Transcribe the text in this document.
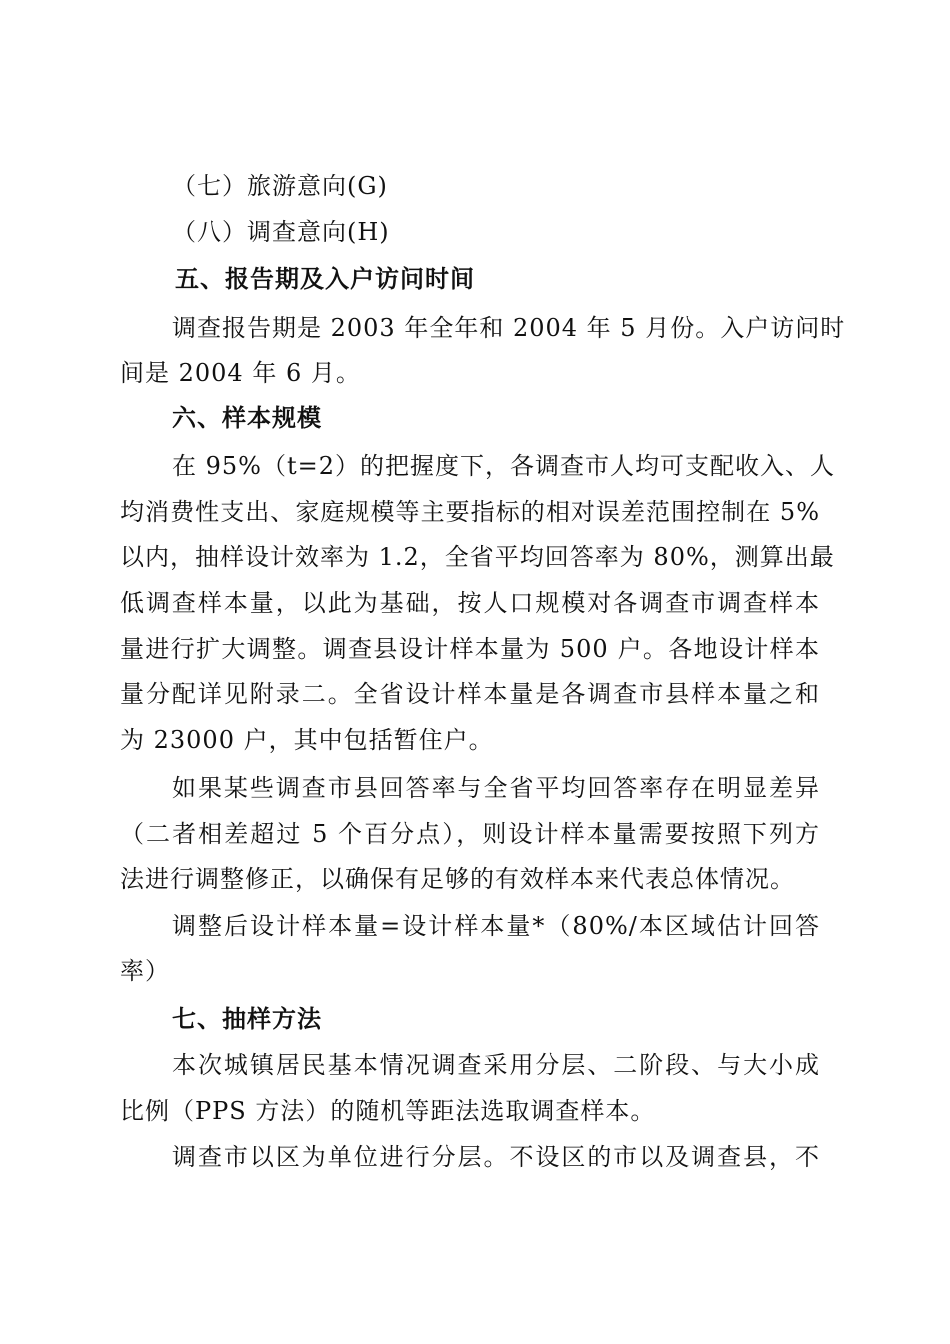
（七）旅游意向(G)
（八）调查意向(H)
五、报告期及入户访问时间
调查报告期是 2003 年全年和 2004 年 5 月份。入户访问时
间是 2004 年 6 月。
六、样本规模
在 95%（t=2）的把握度下，各调查市人均可支配收入、人
均消费性支出、家庭规模等主要指标的相对误差范围控制在 5%
以内，抽样设计效率为 1.2，全省平均回答率为 80%，测算出最
低调查样本量，以此为基础，按人口规模对各调查市调查样本
量进行扩大调整。调查县设计样本量为 500 户。各地设计样本
量分配详见附录二。全省设计样本量是各调查市县样本量之和
为 23000 户，其中包括暂住户。
如果某些调查市县回答率与全省平均回答率存在明显差异
（二者相差超过 5 个百分点），则设计样本量需要按照下列方
法进行调整修正，以确保有足够的有效样本来代表总体情况。
调整后设计样本量=设计样本量*（80%/本区域估计回答
率）
七、抽样方法
本次城镇居民基本情况调查采用分层、二阶段、与大小成
比例（PPS 方法）的随机等距法选取调查样本。
调查市以区为单位进行分层。不设区的市以及调查县，不
